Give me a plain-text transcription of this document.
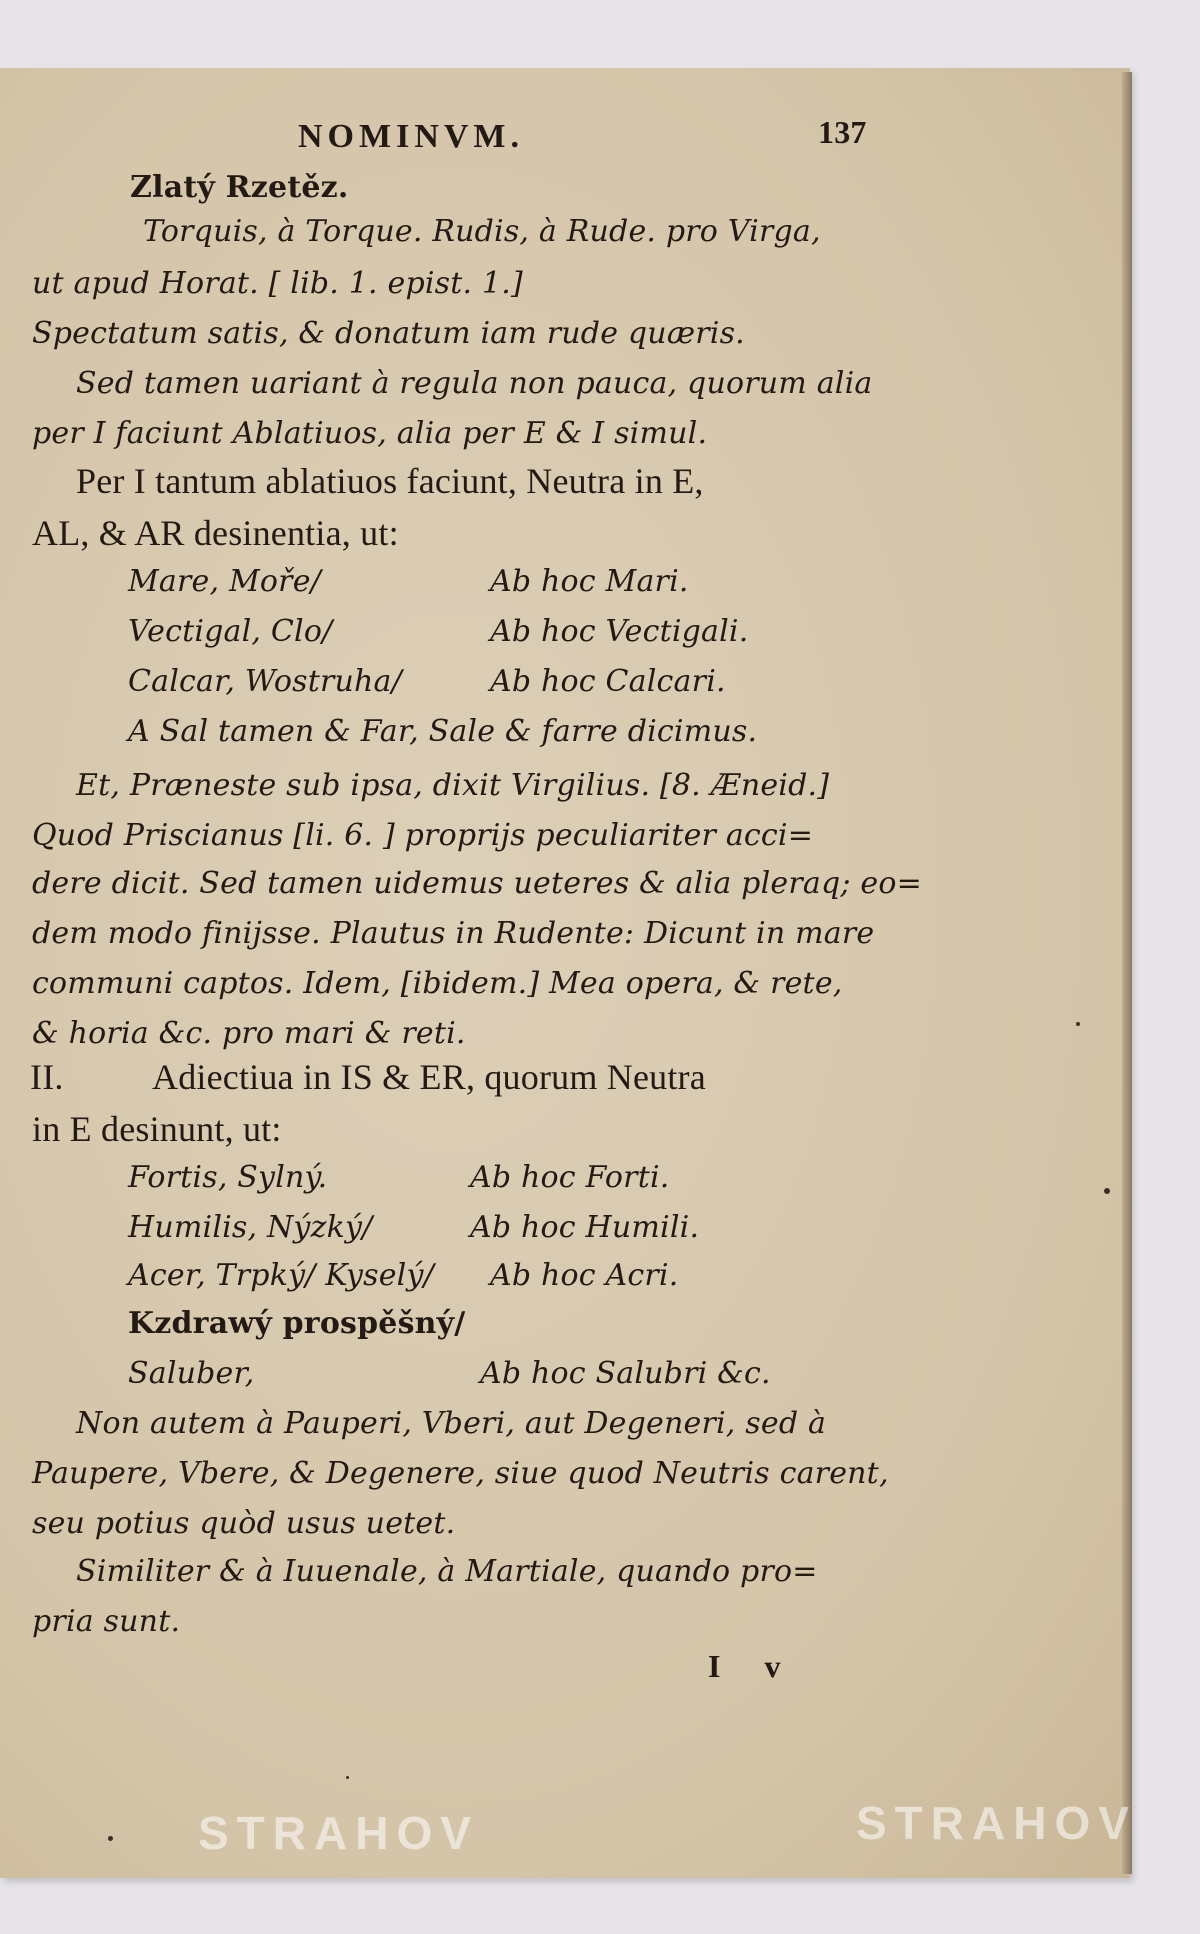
NOMINVM.	137
Zlatý Rzetěz.
Torquis, à Torque. Rudis, à Rude. pro Virga,
ut apud Horat. [ lib. 1. epist. 1.]
Spectatum satis, & donatum iam rude quæris.
Sed tamen uariant à regula non pauca, quorum alia
per I faciunt Ablatiuos, alia per E & I simul.
Per I tantum ablatiuos faciunt, Neutra in E,
AL, & AR desinentia, ut:
Mare, Moře/	Ab hoc Mari.
Vectigal, Clo/	Ab hoc Vectigali.
Calcar, Wostruha/	Ab hoc Calcari.
A Sal tamen & Far, Sale & farre dicimus.
Et, Præneste sub ipsa, dixit Virgilius. [8. Æneid.]
Quod Priscianus [li. 6. ] proprijs peculiariter acci=
dere dicit. Sed tamen uidemus ueteres & alia pleraq; eo=
dem modo finijsse. Plautus in Rudente: Dicunt in mare
communi captos. Idem, [ibidem.] Mea opera, & rete,
& horia &c. pro mari & reti.
II. Adiectiua in IS & ER, quorum Neutra
in E desinunt, ut:
Fortis, Sylný.	Ab hoc Forti.
Humilis, Nýzký/	Ab hoc Humili.
Acer, Trpký/ Kyselý/ Ab hoc Acri.
Kzdrawý prospěšný/
Saluber,	Ab hoc Salubri &c.
Non autem à Pauperi, Vberi, aut Degeneri, sed à
Paupere, Vbere, & Degenere, siue quod Neutris carent,
seu potius quòd usus uetet.
Similiter & à Iuuenale, à Martiale, quando pro=
pria sunt.
I v
STRAHOV	STRAHOV
